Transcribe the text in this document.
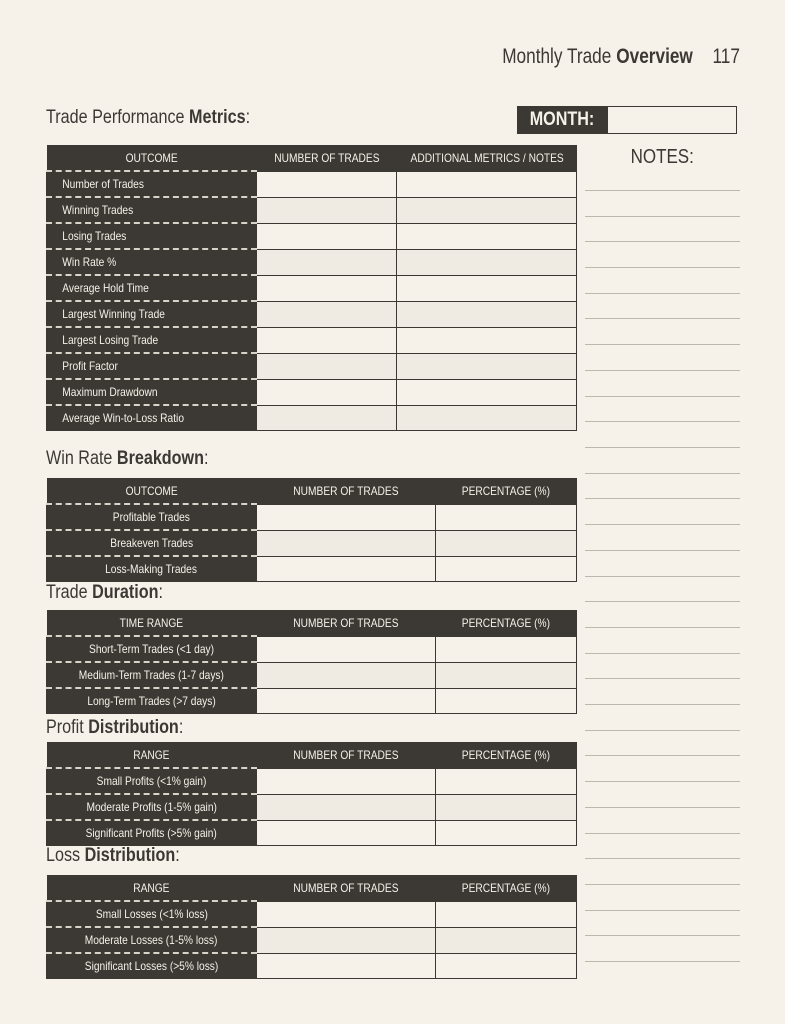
Monthly Trade Overview 117
Trade Performance Metrics:	MONTH:
OUTCOME	NUMBER OF TRADES	ADDITIONAL METRICS / NOTES
Number of Trades		
Winning Trades		
Losing Trades		
Win Rate %		
Average Hold Time		
Largest Winning Trade		
Largest Losing Trade		
Profit Factor		
Maximum Drawdown		
Average Win-to-Loss Ratio		
Win Rate Breakdown:
OUTCOME	NUMBER OF TRADES	PERCENTAGE (%)
Profitable Trades		
Breakeven Trades		
Loss-Making Trades		
Trade Duration:
TIME RANGE	NUMBER OF TRADES	PERCENTAGE (%)
Short-Term Trades (<1 day)		
Medium-Term Trades (1-7 days)		
Long-Term Trades (>7 days)		
Profit Distribution:
RANGE	NUMBER OF TRADES	PERCENTAGE (%)
Small Profits (<1% gain)		
Moderate Profits (1-5% gain)		
Significant Profits (>5% gain)		
Loss Distribution:
RANGE	NUMBER OF TRADES	PERCENTAGE (%)
Small Losses (<1% loss)		
Moderate Losses (1-5% loss)		
Significant Losses (>5% loss)		
NOTES:
